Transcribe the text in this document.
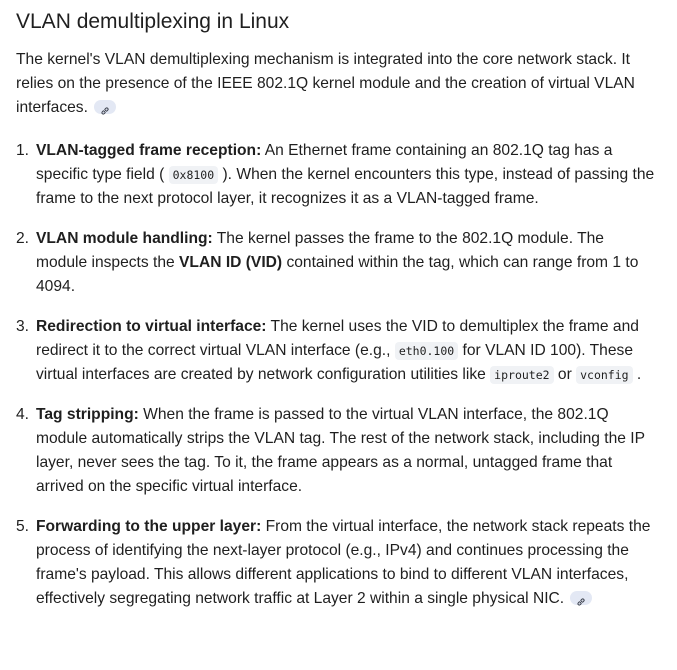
VLAN demultiplexing in Linux

The kernel's VLAN demultiplexing mechanism is integrated into the core network stack. It relies on the presence of the IEEE 802.1Q kernel module and the creation of virtual VLAN interfaces.

1. VLAN-tagged frame reception: An Ethernet frame containing an 802.1Q tag has a specific type field ( 0x8100 ). When the kernel encounters this type, instead of passing the frame to the next protocol layer, it recognizes it as a VLAN-tagged frame.
2. VLAN module handling: The kernel passes the frame to the 802.1Q module. The module inspects the VLAN ID (VID) contained within the tag, which can range from 1 to 4094.
3. Redirection to virtual interface: The kernel uses the VID to demultiplex the frame and redirect it to the correct virtual VLAN interface (e.g., eth0.100 for VLAN ID 100). These virtual interfaces are created by network configuration utilities like iproute2 or vconfig .
4. Tag stripping: When the frame is passed to the virtual VLAN interface, the 802.1Q module automatically strips the VLAN tag. The rest of the network stack, including the IP layer, never sees the tag. To it, the frame appears as a normal, untagged frame that arrived on the specific virtual interface.
5. Forwarding to the upper layer: From the virtual interface, the network stack repeats the process of identifying the next-layer protocol (e.g., IPv4) and continues processing the frame's payload. This allows different applications to bind to different VLAN interfaces, effectively segregating network traffic at Layer 2 within a single physical NIC.
